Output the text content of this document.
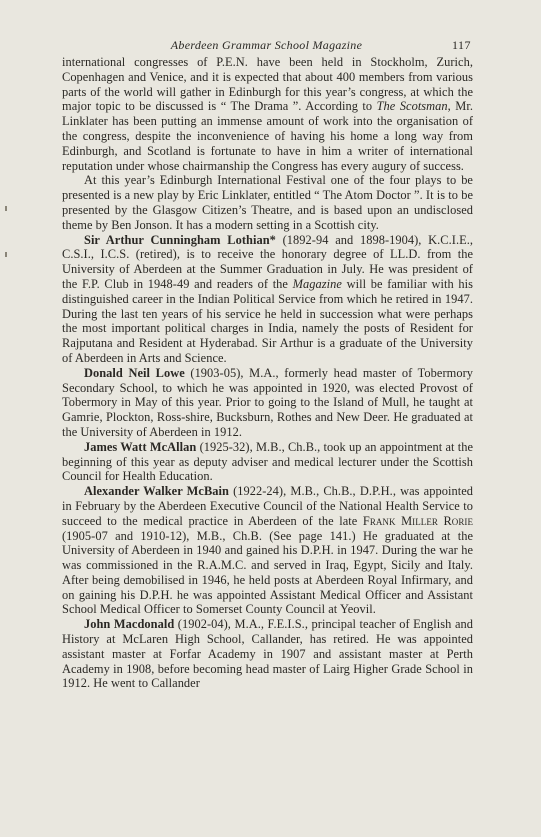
Aberdeen Grammar School Magazine	117

international congresses of P.E.N. have been held in Stockholm, Zurich, Copenhagen and Venice, and it is expected that about 400 members from various parts of the world will gather in Edinburgh for this year’s congress, at which the major topic to be discussed is “ The Drama ”. According to The Scotsman, Mr. Linklater has been putting an immense amount of work into the organisation of the congress, despite the inconvenience of having his home a long way from Edinburgh, and Scotland is fortunate to have in him a writer of international reputation under whose chairmanship the Congress has every augury of success.

At this year’s Edinburgh International Festival one of the four plays to be presented is a new play by Eric Linklater, entitled “ The Atom Doctor ”. It is to be presented by the Glasgow Citizen’s Theatre, and is based upon an undisclosed theme by Ben Jonson. It has a modern setting in a Scottish city.

Sir Arthur Cunningham Lothian* (1892-94 and 1898-1904), K.C.I.E., C.S.I., I.C.S. (retired), is to receive the honorary degree of LL.D. from the University of Aberdeen at the Summer Graduation in July. He was president of the F.P. Club in 1948-49 and readers of the Magazine will be familiar with his distinguished career in the Indian Political Service from which he retired in 1947. During the last ten years of his service he held in succession what were perhaps the most important political charges in India, namely the posts of Resident for Rajputana and Resident at Hyderabad. Sir Arthur is a graduate of the University of Aberdeen in Arts and Science.

Donald Neil Lowe (1903-05), M.A., formerly head master of Tobermory Secondary School, to which he was appointed in 1920, was elected Provost of Tobermory in May of this year. Prior to going to the Island of Mull, he taught at Gamrie, Plockton, Ross-shire, Bucksburn, Rothes and New Deer. He graduated at the University of Aberdeen in 1912.

James Watt McAllan (1925-32), M.B., Ch.B., took up an appointment at the beginning of this year as deputy adviser and medical lecturer under the Scottish Council for Health Education.

Alexander Walker McBain (1922-24), M.B., Ch.B., D.P.H., was appointed in February by the Aberdeen Executive Council of the National Health Service to succeed to the medical practice in Aberdeen of the late Frank Miller Rorie (1905-07 and 1910-12), M.B., Ch.B. (See page 141.) He graduated at the University of Aberdeen in 1940 and gained his D.P.H. in 1947. During the war he was commissioned in the R.A.M.C. and served in Iraq, Egypt, Sicily and Italy. After being demobilised in 1946, he held posts at Aberdeen Royal Infirmary, and on gaining his D.P.H. he was appointed Assistant Medical Officer and Assistant School Medical Officer to Somerset County Council at Yeovil.

John Macdonald (1902-04), M.A., F.E.I.S., principal teacher of English and History at McLaren High School, Callander, has retired. He was appointed assistant master at Forfar Academy in 1907 and assistant master at Perth Academy in 1908, before becoming head master of Lairg Higher Grade School in 1912. He went to Callander
